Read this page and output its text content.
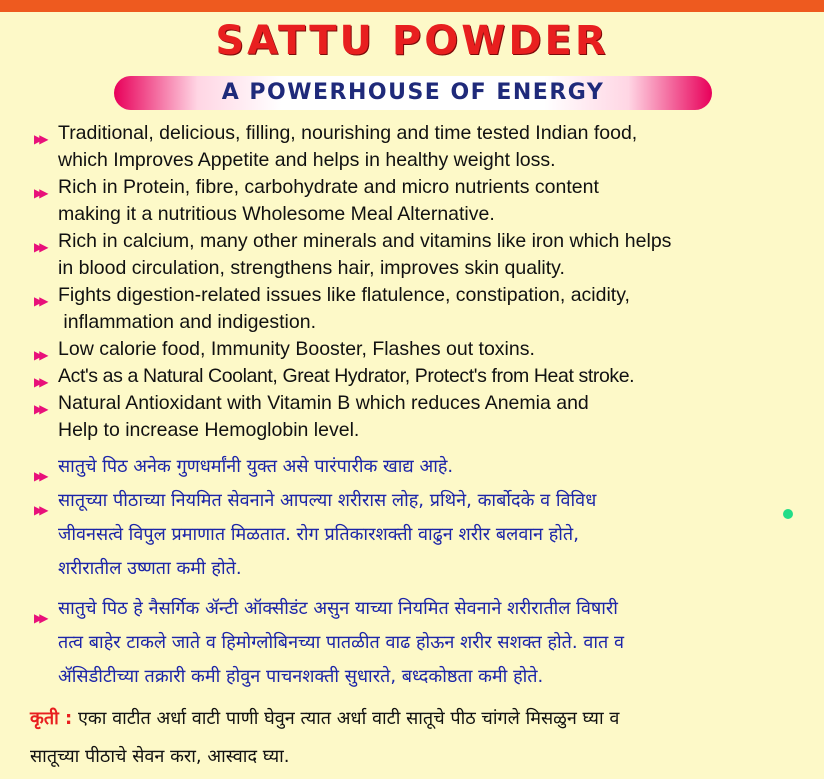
SATTU POWDER
A POWERHOUSE OF ENERGY
▶▶ Traditional, delicious, filling, nourishing and time tested Indian food,
which Improves Appetite and helps in healthy weight loss.
▶▶ Rich in Protein, fibre, carbohydrate and micro nutrients content
making it a nutritious Wholesome Meal Alternative.
▶▶ Rich in calcium, many other minerals and vitamins like iron which helps
in blood circulation, strengthens hair, improves skin quality.
▶▶ Fights digestion-related issues like flatulence, constipation, acidity,
inflammation and indigestion.
▶▶ Low calorie food, Immunity Booster, Flashes out toxins.
▶▶ Act's as a Natural Coolant, Great Hydrator, Protect's from Heat stroke.
▶▶ Natural Antioxidant with Vitamin B which reduces Anemia and
Help to increase Hemoglobin level.
▶▶ सातुचे पिठ अनेक गुणधर्मांनी युक्त असे पारंपारीक खाद्य आहे.
▶▶ सातूच्या पीठाच्या नियमित सेवनाने आपल्या शरीरास लोह, प्रथिने, कार्बोदके व विविध
जीवनसत्वे विपुल प्रमाणात मिळतात. रोग प्रतिकारशक्ती वाढुन शरीर बलवान होते,
शरीरातील उष्णता कमी होते.
▶▶ सातुचे पिठ हे नैसर्गिक ॲन्टी ऑक्सीडंट असुन याच्या नियमित सेवनाने शरीरातील विषारी
तत्व बाहेर टाकले जाते व हिमोग्लोबिनच्या पातळीत वाढ होऊन शरीर सशक्त होते. वात व
ॲसिडीटीच्या तक्रारी कमी होवुन पाचनशक्ती सुधारते, बध्दकोष्ठता कमी होते.
कृती : एका वाटीत अर्धा वाटी पाणी घेवुन त्यात अर्धा वाटी सातूचे पीठ चांगले मिसळुन घ्या व
सातूच्या पीठाचे सेवन करा, आस्वाद घ्या.
